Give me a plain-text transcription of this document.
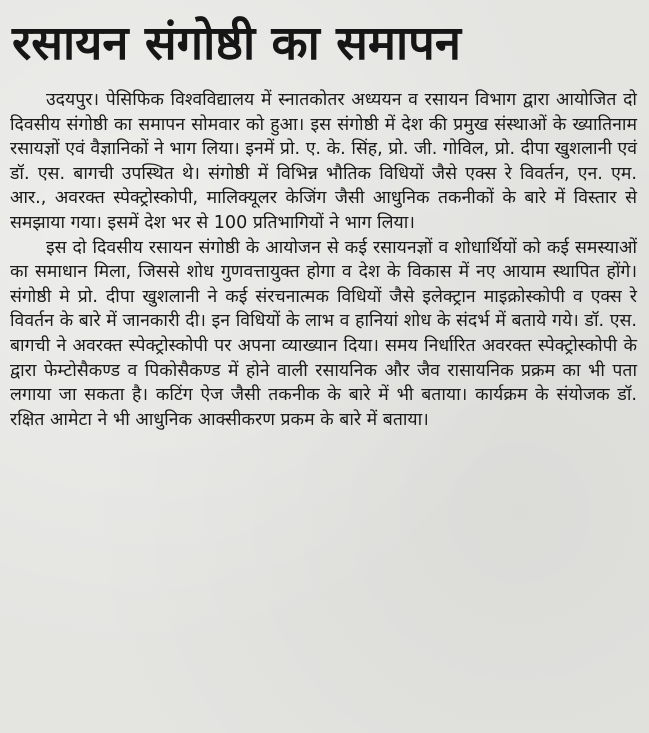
रसायन संगोष्ठी का समापन

उदयपुर। पेसिफिक विश्वविद्यालय में स्नातकोतर अध्ययन व रसायन विभाग द्वारा आयोजित दो दिवसीय संगोष्ठी का समापन सोमवार को हुआ। इस संगोष्ठी में देश की प्रमुख संस्थाओं के ख्यातिनाम रसायज्ञों एवं वैज्ञानिकों ने भाग लिया। इनमें प्रो. ए. के. सिंह, प्रो. जी. गोविल, प्रो. दीपा खुशलानी एवं डॉ. एस. बागची उपस्थित थे। संगोष्ठी में विभिन्न भौतिक विधियों जैसे एक्स रे विवर्तन, एन. एम. आर., अवरक्त स्पेक्ट्रोस्कोपी, मालिक्यूलर केजिंग जैसी आधुनिक तकनीकों के बारे में विस्तार से समझाया गया। इसमें देश भर से 100 प्रतिभागियों ने भाग लिया।

इस दो दिवसीय रसायन संगोष्ठी के आयोजन से कई रसायनज्ञों व शोधार्थियों को कई समस्याओं का समाधान मिला, जिससे शोध गुणवत्तायुक्त होगा व देश के विकास में नए आयाम स्थापित होंगे। संगोष्ठी मे प्रो. दीपा खुशलानी ने कई संरचनात्मक विधियों जैसे इलेक्ट्रान माइक्रोस्कोपी व एक्स रे विवर्तन के बारे में जानकारी दी। इन विधियों के लाभ व हानियां शोध के संदर्भ में बताये गये। डॉ. एस. बागची ने अवरक्त स्पेक्ट्रोस्कोपी पर अपना व्याख्यान दिया। समय निर्धारित अवरक्त स्पेक्ट्रोस्कोपी के द्वारा फेम्टोसैकण्ड व पिकोसैकण्ड में होने वाली रसायनिक और जैव रासायनिक प्रक्रम का भी पता लगाया जा सकता है। कटिंग ऐज जैसी तकनीक के बारे में भी बताया। कार्यक्रम के संयोजक डॉ. रक्षित आमेटा ने भी आधुनिक आक्सीकरण प्रकम के बारे में बताया।
